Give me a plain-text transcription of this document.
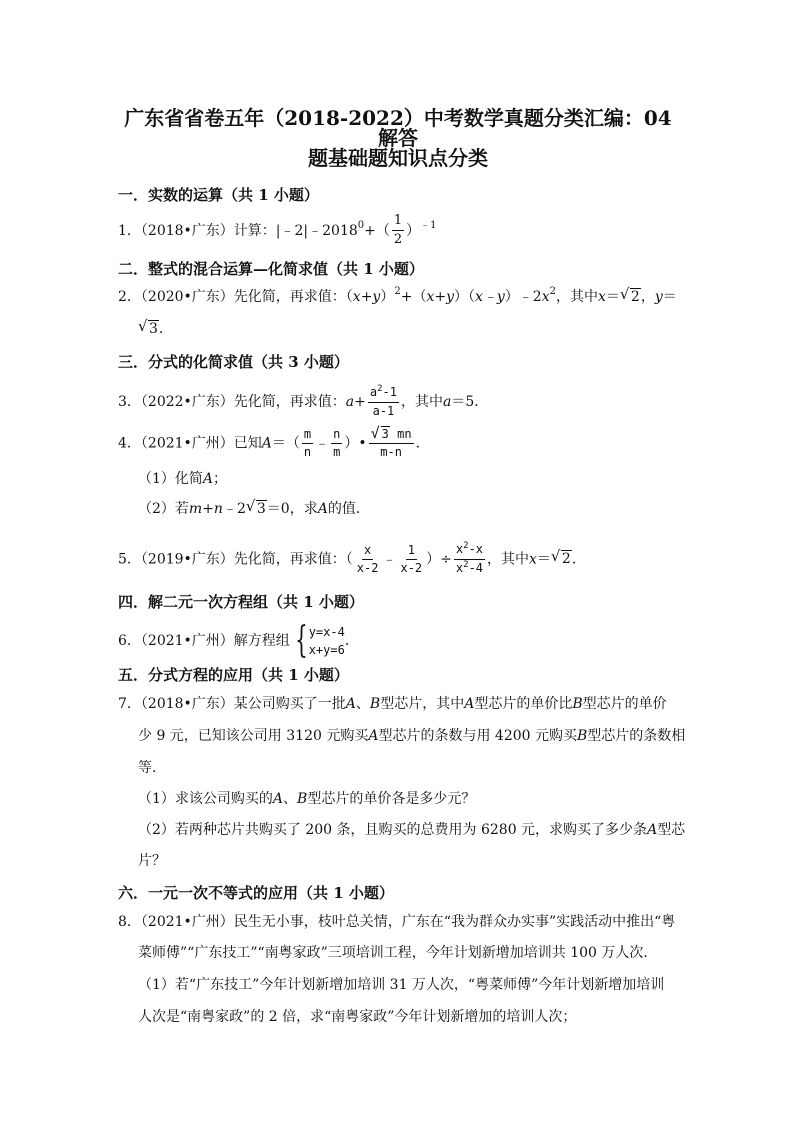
广东省省卷五年（2018-2022）中考数学真题分类汇编：04 解答
题基础题知识点分类
一．实数的运算（共 1 小题）
1．（2018•广东）计算：$|﹣2|﹣2018^0+( \frac{1}{2} )^{﹣1}$
二．整式的混合运算—化简求值（共 1 小题）
2．（2020•广东）先化简，再求值：$(x+y)^2+(x+y)(x﹣y)﹣2x^2$，其中x＝ √ 2，y＝
√ 3．
三．分式的化简求值（共 3 小题）
3．（2022•广东）先化简，再求值：$a+ \frac{a^2-1}{a-1}$ ，其中a＝5．
4．（2021•广州）已知$A=( \frac{m}{n}$ ﹣ $\frac{n}{m}$ ）• √ $\frac{3 mn}{m-n}$ ．
（1）化简A；
（2）若m+n﹣2 √ 3＝0，求A的值．
5．（2019•广东）先化简，再求值：（ $\frac{x}{x-2}$ ﹣ $\frac{1}{x-2}$ ）÷ $\frac{x^2-x}{x^2-4}$ ，其中x＝ √ 2．
四．解二元一次方程组（共 1 小题）
6．（2021•广州）解方程组 { y=x-4
x+y=6
．
五．分式方程的应用（共 1 小题）
7．（2018•广东）某公司购买了一批A、B型芯片，其中A型芯片的单价比B型芯片的单价
少 9 元，已知该公司用 3120 元购买A型芯片的条数与用 4200 元购买B型芯片的条数相
等．
（1）求该公司购买的A、B型芯片的单价各是多少元？
（2）若两种芯片共购买了 200 条，且购买的总费用为 6280 元，求购买了多少条A型芯
片？
六．一元一次不等式的应用（共 1 小题）
8．（2021•广州）民生无小事，枝叶总关情，广东在“我为群众办实事”实践活动中推出“粤
菜师傅”“广东技工”“南粤家政”三项培训工程，今年计划新增加培训共 100 万人次．
（1）若“广东技工”今年计划新增加培训 31 万人次，“粤菜师傅”今年计划新增加培训
人次是“南粤家政”的 2 倍，求“南粤家政”今年计划新增加的培训人次；
